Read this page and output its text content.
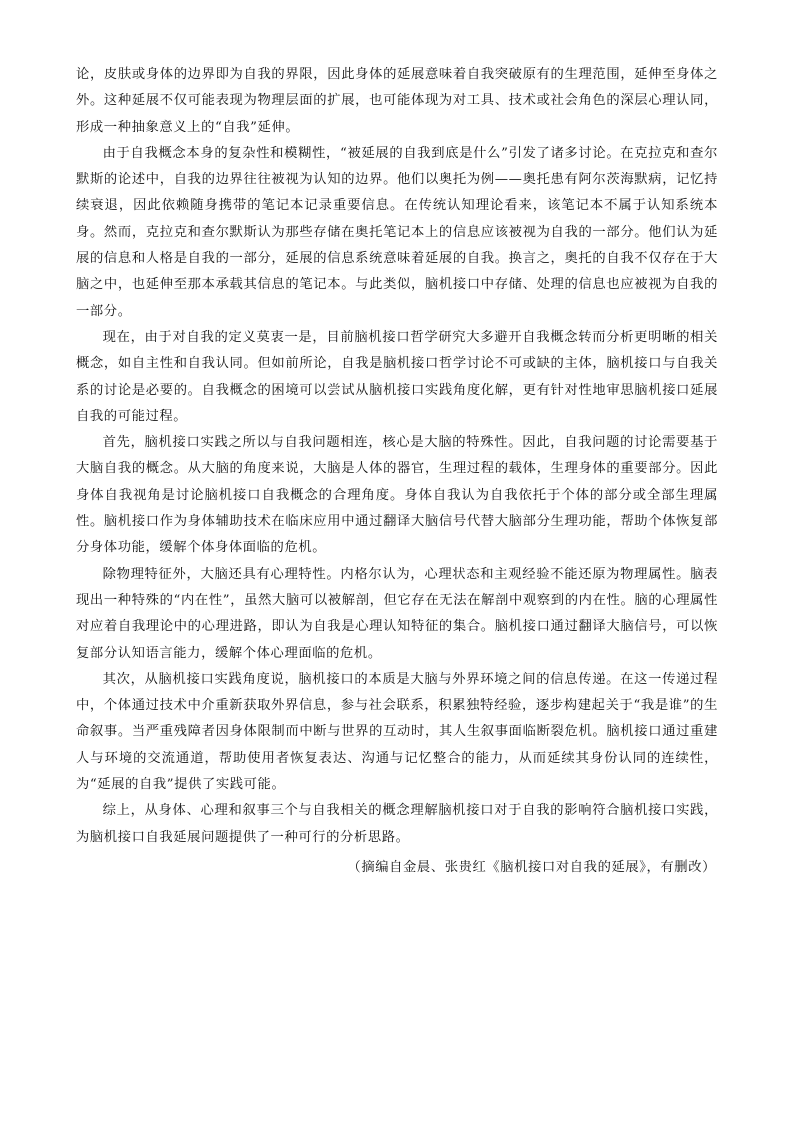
论，皮肤或身体的边界即为自我的界限，因此身体的延展意味着自我突破原有的生理范围，延伸至身体之外。这种延展不仅可能表现为物理层面的扩展，也可能体现为对工具、技术或社会角色的深层心理认同，形成一种抽象意义上的“自我”延伸。

由于自我概念本身的复杂性和模糊性，“被延展的自我到底是什么”引发了诸多讨论。在克拉克和查尔默斯的论述中，自我的边界往往被视为认知的边界。他们以奥托为例——奥托患有阿尔茨海默病，记忆持续衰退，因此依赖随身携带的笔记本记录重要信息。在传统认知理论看来，该笔记本不属于认知系统本身。然而，克拉克和查尔默斯认为那些存储在奥托笔记本上的信息应该被视为自我的一部分。他们认为延展的信息和人格是自我的一部分，延展的信息系统意味着延展的自我。换言之，奥托的自我不仅存在于大脑之中，也延伸至那本承载其信息的笔记本。与此类似，脑机接口中存储、处理的信息也应被视为自我的一部分。

现在，由于对自我的定义莫衷一是，目前脑机接口哲学研究大多避开自我概念转而分析更明晰的相关概念，如自主性和自我认同。但如前所论，自我是脑机接口哲学讨论不可或缺的主体，脑机接口与自我关系的讨论是必要的。自我概念的困境可以尝试从脑机接口实践角度化解，更有针对性地审思脑机接口延展自我的可能过程。

首先，脑机接口实践之所以与自我问题相连，核心是大脑的特殊性。因此，自我问题的讨论需要基于大脑自我的概念。从大脑的角度来说，大脑是人体的器官，生理过程的载体，生理身体的重要部分。因此身体自我视角是讨论脑机接口自我概念的合理角度。身体自我认为自我依托于个体的部分或全部生理属性。脑机接口作为身体辅助技术在临床应用中通过翻译大脑信号代替大脑部分生理功能，帮助个体恢复部分身体功能，缓解个体身体面临的危机。

除物理特征外，大脑还具有心理特性。内格尔认为，心理状态和主观经验不能还原为物理属性。脑表现出一种特殊的“内在性”，虽然大脑可以被解剖，但它存在无法在解剖中观察到的内在性。脑的心理属性对应着自我理论中的心理进路，即认为自我是心理认知特征的集合。脑机接口通过翻译大脑信号，可以恢复部分认知语言能力，缓解个体心理面临的危机。

其次，从脑机接口实践角度说，脑机接口的本质是大脑与外界环境之间的信息传递。在这一传递过程中，个体通过技术中介重新获取外界信息，参与社会联系，积累独特经验，逐步构建起关于“我是谁”的生命叙事。当严重残障者因身体限制而中断与世界的互动时，其人生叙事面临断裂危机。脑机接口通过重建人与环境的交流通道，帮助使用者恢复表达、沟通与记忆整合的能力，从而延续其身份认同的连续性，为“延展的自我”提供了实践可能。

综上，从身体、心理和叙事三个与自我相关的概念理解脑机接口对于自我的影响符合脑机接口实践，为脑机接口自我延展问题提供了一种可行的分析思路。

（摘编自金晨、张贵红《脑机接口对自我的延展》，有删改）
